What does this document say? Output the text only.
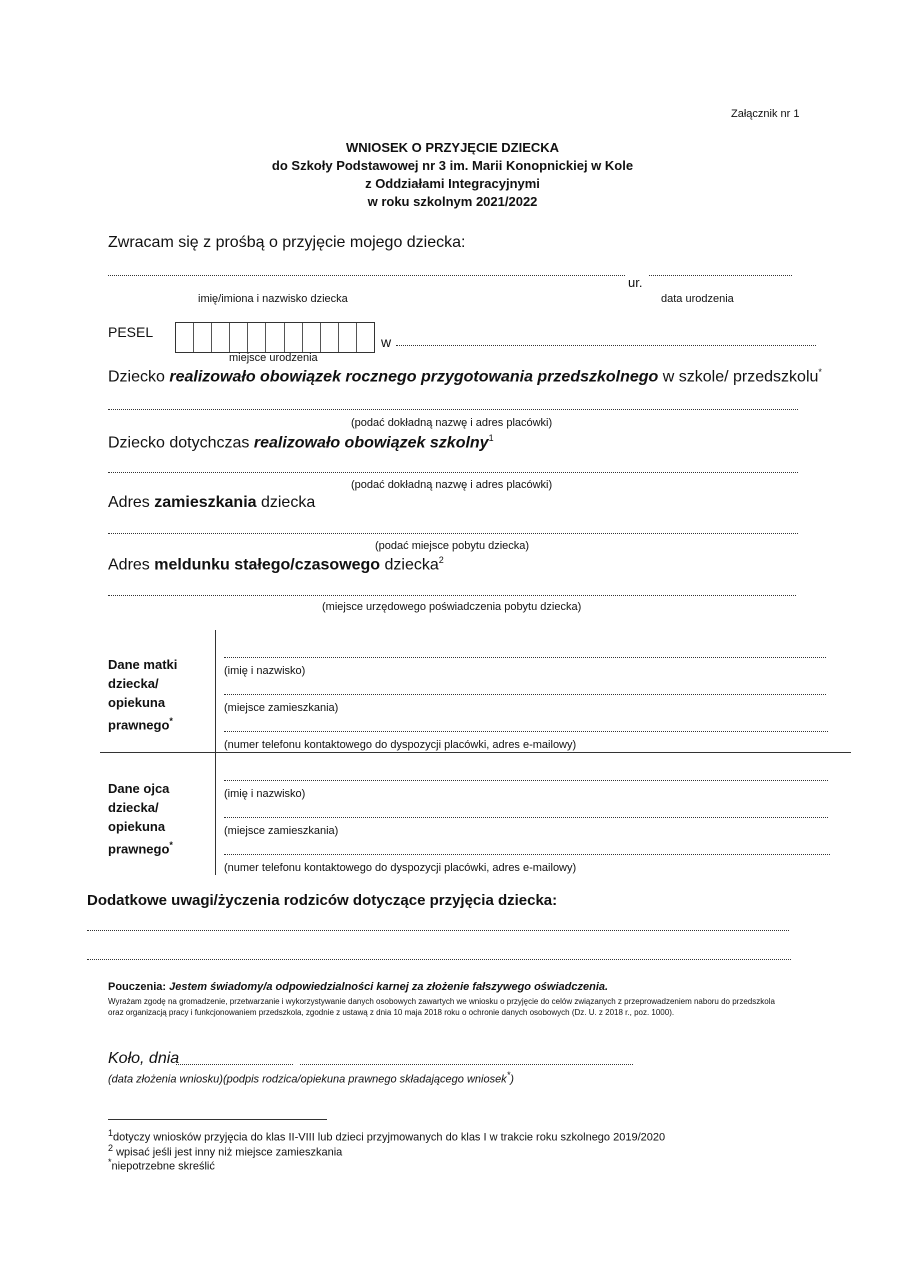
Załącznik nr 1
WNIOSEK O PRZYJĘCIE DZIECKA
do Szkoły Podstawowej nr 3 im. Marii Konopnickiej w Kole
z Oddziałami Integracyjnymi
w roku szkolnym 2021/2022
Zwracam się z prośbą o przyjęcie mojego dziecka:
ur.
imię/imiona i nazwisko dziecka	data urodzenia
PESEL
w
miejsce urodzenia
Dziecko realizowało obowiązek rocznego przygotowania przedszkolnego w szkole/ przedszkolu*
(podać dokładną nazwę i adres placówki)
Dziecko dotychczas realizowało obowiązek szkolny$^1$
(podać dokładną nazwę i adres placówki)
Adres zamieszkania dziecka
(podać miejsce pobytu dziecka)
Adres meldunku stałego/czasowego dziecka$^2$
(miejsce urzędowego poświadczenia pobytu dziecka)
Dane matki
dziecka/
opiekuna
prawnego*
(imię i nazwisko)
(miejsce zamieszkania)
(numer telefonu kontaktowego do dyspozycji placówki, adres e-mailowy)
Dane ojca
dziecka/
opiekuna
prawnego*
(imię i nazwisko)
(miejsce zamieszkania)
(numer telefonu kontaktowego do dyspozycji placówki, adres e-mailowy)
Dodatkowe uwagi/życzenia rodziców dotyczące przyjęcia dziecka:
Pouczenia: Jestem świadomy/a odpowiedzialności karnej za złożenie fałszywego oświadczenia.
Wyrażam zgodę na gromadzenie, przetwarzanie i wykorzystywanie danych osobowych zawartych we wniosku o przyjęcie do celów związanych z przeprowadzeniem naboru do przedszkola
oraz organizacją pracy i funkcjonowaniem przedszkola, zgodnie z ustawą z dnia 10 maja 2018 roku o ochronie danych osobowych (Dz. U. z 2018 r., poz. 1000).
Koło, dnia
(data złożenia wniosku)(podpis rodzica/opiekuna prawnego składającego wniosek*)
$^1$dotyczy wniosków przyjęcia do klas II-VIII lub dzieci przyjmowanych do klas I w trakcie roku szkolnego 2019/2020
$^2$ wpisać jeśli jest inny niż miejsce zamieszkania
*niepotrzebne skreślić
